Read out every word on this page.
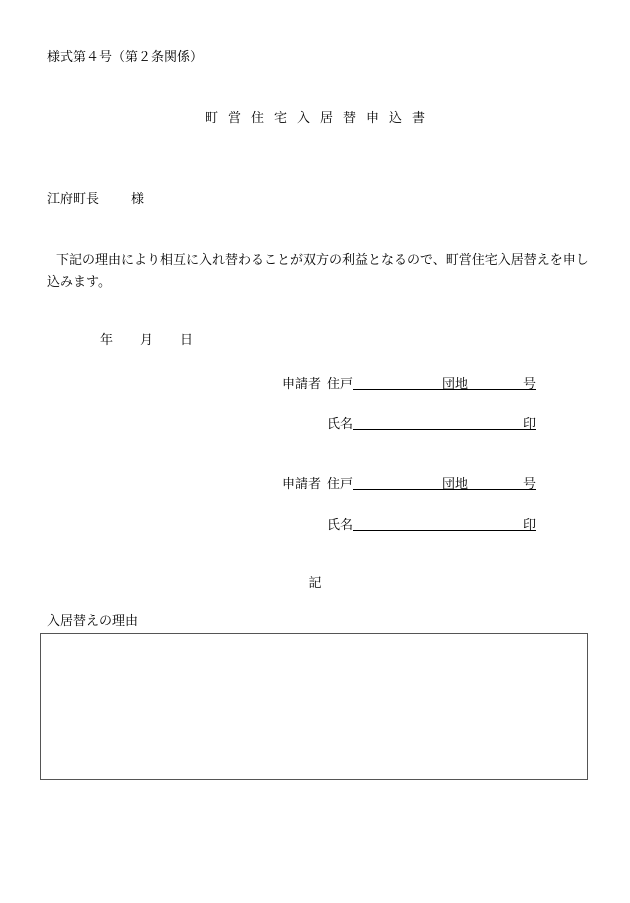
様式第４号（第２条関係）
町営住宅入居替申込書
江府町長 様
下記の理由により相互に入れ替わることが双方の利益となるので、町営住宅入居替えを申し込みます。
年 月 日
申請者 住戸	団地	号
氏名	印
申請者 住戸	団地	号
氏名	印
記
入居替えの理由
